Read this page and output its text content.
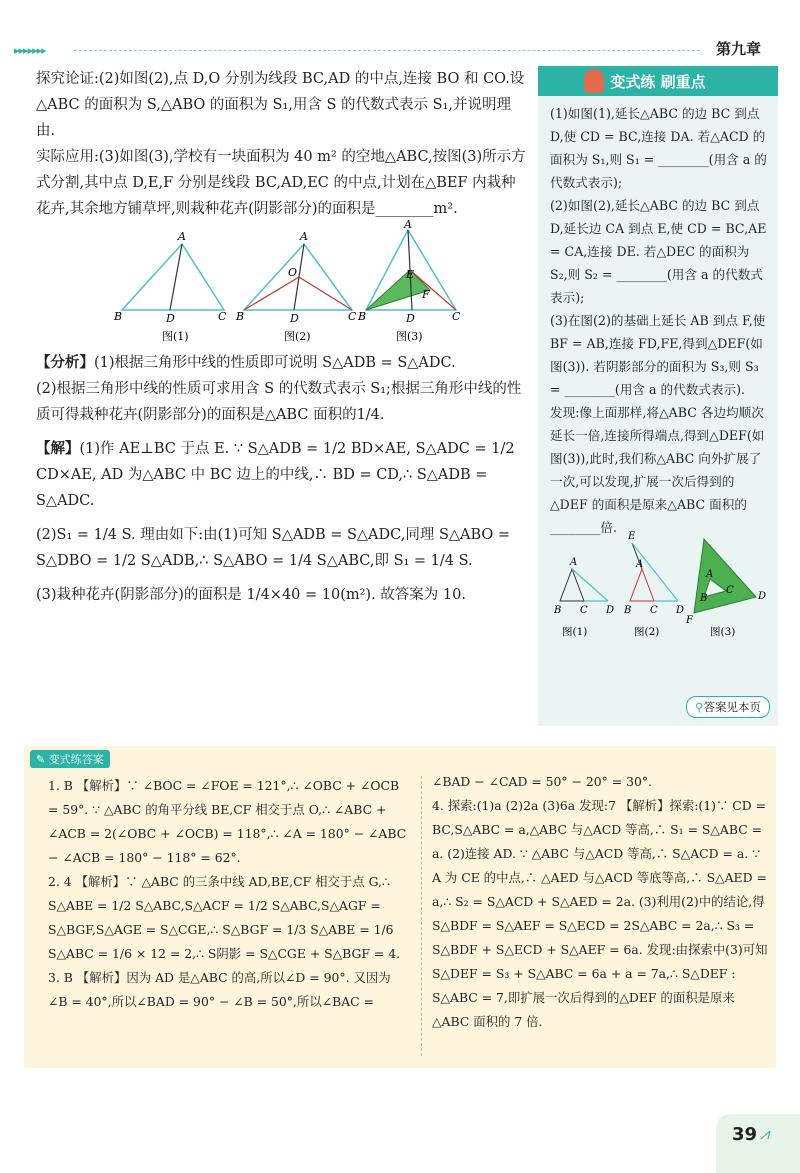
▸▸▸▸▸▸▸	第九章

探究论证:(2)如图(2),点 D,O 分别为线段 BC,AD 的中点,连接 BO 和 CO.设△ABC 的面积为 S,△ABO 的面积为 S₁,用含 S 的代数式表示 S₁,并说明理由.

实际应用:(3)如图(3),学校有一块面积为 40 m² 的空地△ABC,按图(3)所示方式分割,其中点 D,E,F 分别是线段 BC,AD,EC 的中点,计划在△BEF 内栽种花卉,其余地方铺草坪,则栽种花卉(阴影部分)的面积是________m².

A
B	D	C
A
O
B	D	C
A
E
F
B	D	C
图(1)	图(2)	图(3)

【分析】(1)根据三角形中线的性质即可说明 S△ADB = S△ADC.

(2)根据三角形中线的性质可求用含 S 的代数式表示 S₁;根据三角形中线的性质可得栽种花卉(阴影部分)的面积是△ABC 面积的1/4.

【解】(1)作 AE⊥BC 于点 E. ∵ S△ADB = 1/2 BD×AE, S△ADC = 1/2 CD×AE, AD 为△ABC 中 BC 边上的中线,∴ BD = CD,∴ S△ADB = S△ADC.

(2)S₁ = 1/4 S. 理由如下:由(1)可知 S△ADB = S△ADC,同理 S△ABO = S△DBO = 1/2 S△ADB,∴ S△ABO = 1/4 S△ABC,即 S₁ = 1/4 S.

(3)栽种花卉(阴影部分)的面积是 1/4×40 = 10(m²). 故答案为 10.

变式练 刷重点

(1)如图(1),延长△ABC 的边 BC 到点 D,使 CD = BC,连接 DA. 若△ACD 的面积为 S₁,则 S₁ = ________(用含 a 的代数式表示);

(2)如图(2),延长△ABC 的边 BC 到点 D,延长边 CA 到点 E,使 CD = BC,AE = CA,连接 DE. 若△DEC 的面积为 S₂,则 S₂ = ________(用含 a 的代数式表示);

(3)在图(2)的基础上延长 AB 到点 F,使 BF = AB,连接 FD,FE,得到△DEF(如图(3)). 若阴影部分的面积为 S₃,则 S₃ = ________(用含 a 的代数式表示).

发现:像上面那样,将△ABC 各边均顺次延长一倍,连接所得端点,得到△DEF(如图(3)),此时,我们称△ABC 向外扩展了一次,可以发现,扩展一次后得到的△DEF 的面积是原来△ABC 面积的________倍.

A
B C D
E
A
B C D
A
B
C
D
F
图(1)	图(2)	图(3)
⚲答案见本页
✎ 变式练答案

1. B 【解析】∵ ∠BOC = ∠FOE = 121°,∴ ∠OBC + ∠OCB = 59°. ∵ △ABC 的角平分线 BE,CF 相交于点 O,∴ ∠ABC + ∠ACB = 2(∠OBC + ∠OCB) = 118°,∴ ∠A = 180° − ∠ABC − ∠ACB = 180° − 118° = 62°.

2. 4 【解析】∵ △ABC 的三条中线 AD,BE,CF 相交于点 G,∴ S△ABE = 1/2 S△ABC,S△ACF = 1/2 S△ABC,S△AGF = S△BGF,S△AGE = S△CGE,∴ S△BGF = 1/3 S△ABE = 1/6 S△ABC = 1/6 × 12 = 2,∴ S阴影 = S△CGE + S△BGF = 4.

3. B 【解析】因为 AD 是△ABC 的高,所以∠D = 90°. 又因为∠B = 40°,所以∠BAD = 90° − ∠B = 50°,所以∠BAC =

∠BAD − ∠CAD = 50° − 20° = 30°.

4. 探索:(1)a (2)2a (3)6a 发现:7 【解析】探索:(1)∵ CD = BC,S△ABC = a,△ABC 与△ACD 等高,∴ S₁ = S△ABC = a. (2)连接 AD. ∵ △ABC 与△ACD 等高,∴ S△ACD = a. ∵ A 为 CE 的中点,∴ △AED 与△ACD 等底等高,∴ S△AED = a,∴ S₂ = S△ACD + S△AED = 2a. (3)利用(2)中的结论,得 S△BDF = S△AEF = S△ECD = 2S△ABC = 2a,∴ S₃ = S△BDF + S△ECD + S△AEF = 6a. 发现:由探索中(3)可知 S△DEF = S₃ + S△ABC = 6a + a = 7a,∴ S△DEF : S△ABC = 7,即扩展一次后得到的△DEF 的面积是原来△ABC 面积的 7 倍.

39 ⩘
